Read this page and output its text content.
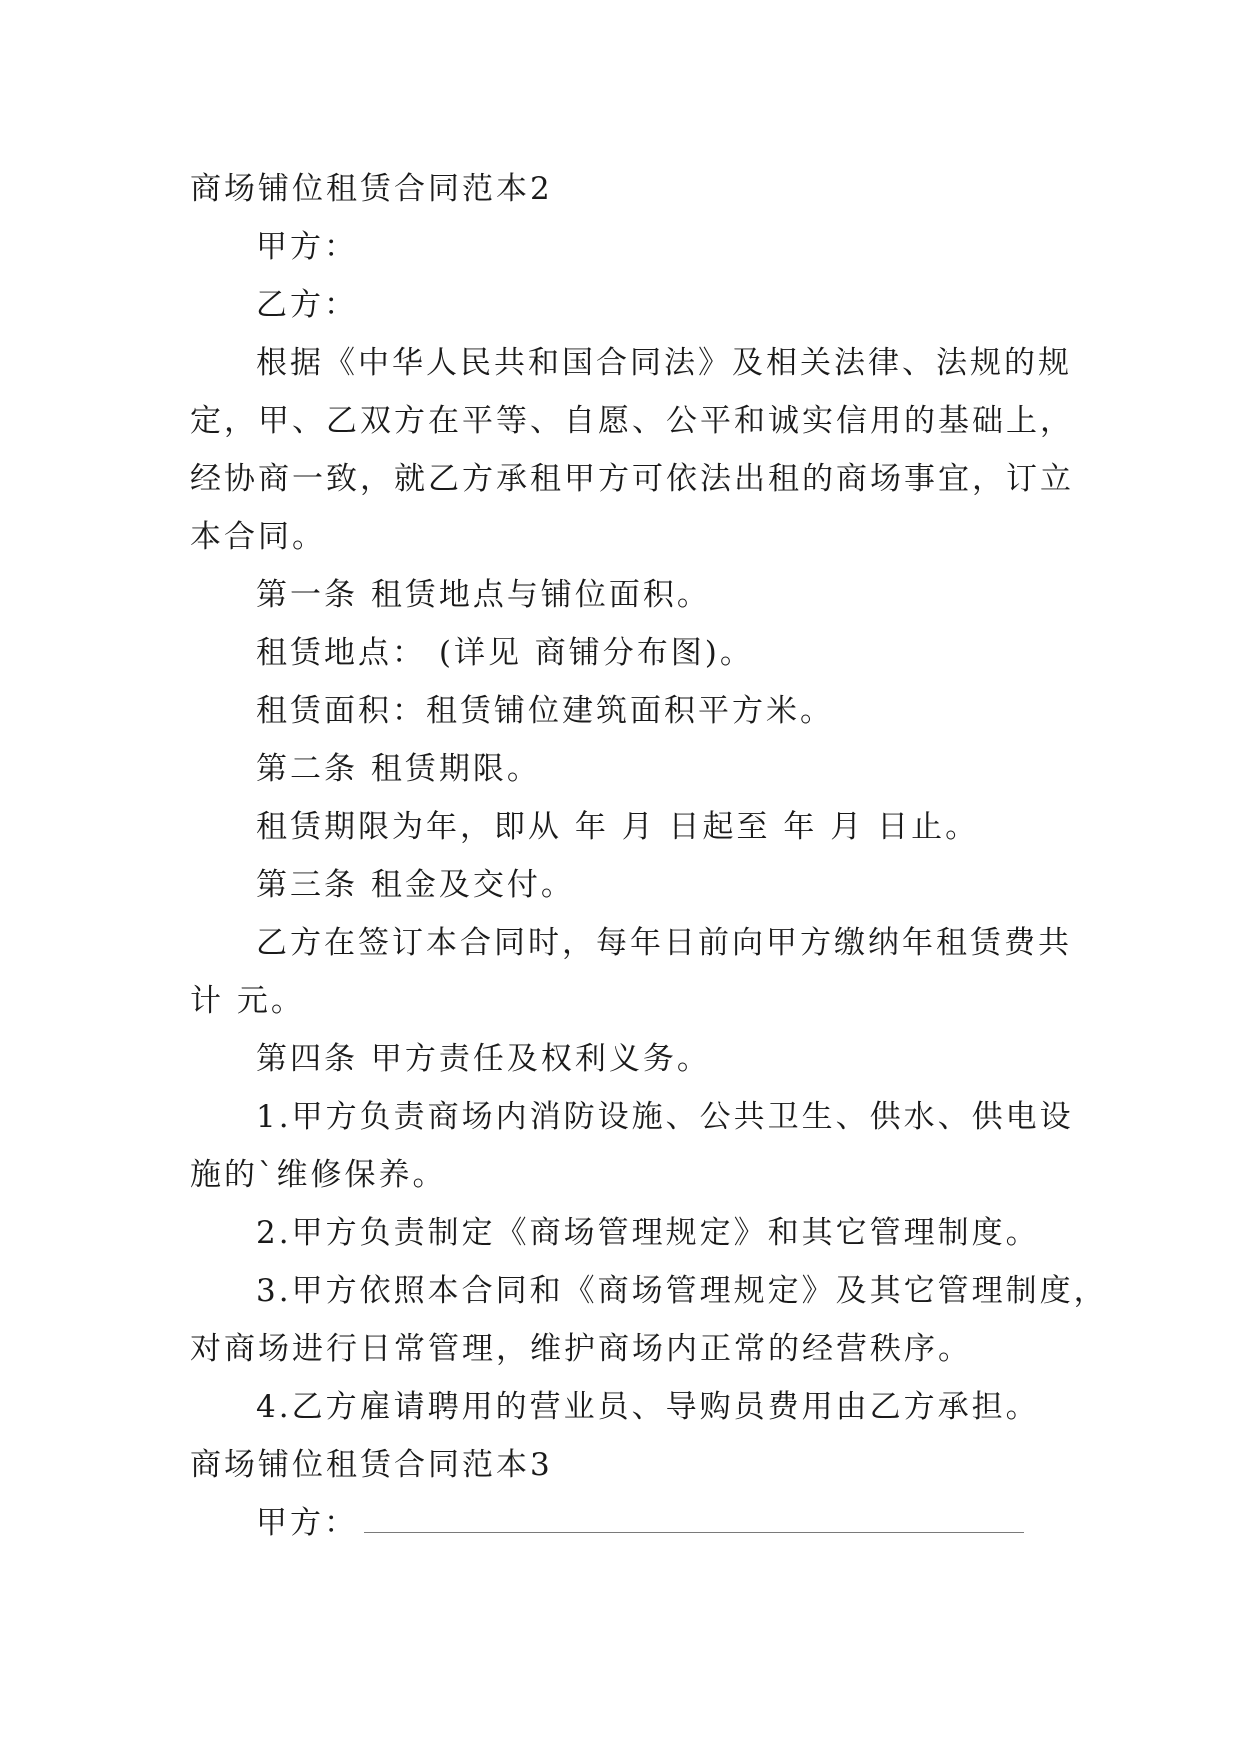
商场铺位租赁合同范本2

甲方：

乙方：

根据《中华人民共和国合同法》及相关法律、法规的规

定，甲、乙双方在平等、自愿、公平和诚实信用的基础上，

经协商一致，就乙方承租甲方可依法出租的商场事宜，订立

本合同。

第一条 租赁地点与铺位面积。

租赁地点： (详见 商铺分布图)。

租赁面积：租赁铺位建筑面积平方米。

第二条 租赁期限。

租赁期限为年，即从 年 月 日起至 年 月 日止。

第三条 租金及交付。

乙方在签订本合同时，每年日前向甲方缴纳年租赁费共

计 元。

第四条 甲方责任及权利义务。

1.甲方负责商场内消防设施、公共卫生、供水、供电设

施的`维修保养。

2.甲方负责制定《商场管理规定》和其它管理制度。

3.甲方依照本合同和《商场管理规定》及其它管理制度，

对商场进行日常管理，维护商场内正常的经营秩序。

4.乙方雇请聘用的营业员、导购员费用由乙方承担。

商场铺位租赁合同范本3

甲方：
